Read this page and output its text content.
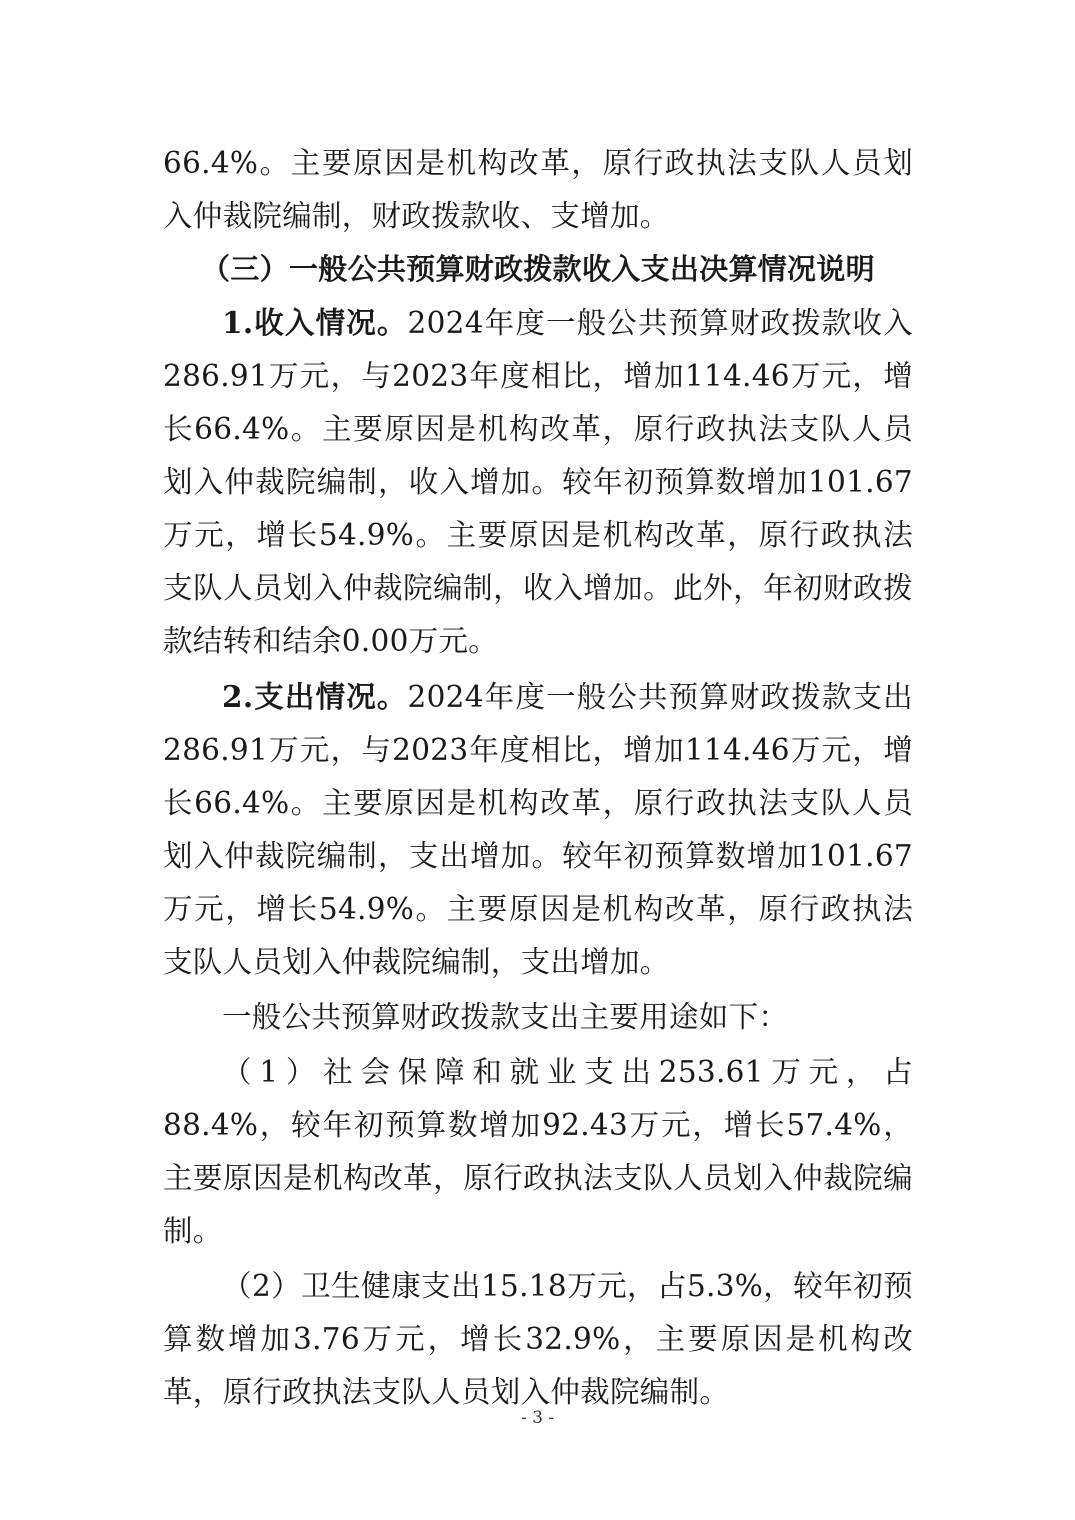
66.4%。主要原因是机构改革，原行政执法支队人员划入仲裁院编制，财政拨款收、支增加。

（三）一般公共预算财政拨款收入支出决算情况说明

1.收入情况。2024年度一般公共预算财政拨款收入286.91万元，与2023年度相比，增加114.46万元，增长66.4%。主要原因是机构改革，原行政执法支队人员划入仲裁院编制，收入增加。较年初预算数增加101.67万元，增长54.9%。主要原因是机构改革，原行政执法支队人员划入仲裁院编制，收入增加。此外，年初财政拨款结转和结余0.00万元。

2.支出情况。2024年度一般公共预算财政拨款支出286.91万元，与2023年度相比，增加114.46万元，增长66.4%。主要原因是机构改革，原行政执法支队人员划入仲裁院编制，支出增加。较年初预算数增加101.67万元，增长54.9%。主要原因是机构改革，原行政执法支队人员划入仲裁院编制，支出增加。

一般公共预算财政拨款支出主要用途如下：

（1）社会保障和就业支出253.61万元，占88.4%，较年初预算数增加92.43万元，增长57.4%，主要原因是机构改革，原行政执法支队人员划入仲裁院编制。

（2）卫生健康支出15.18万元，占5.3%，较年初预算数增加3.76万元，增长32.9%，主要原因是机构改革，原行政执法支队人员划入仲裁院编制。

- 3 -
